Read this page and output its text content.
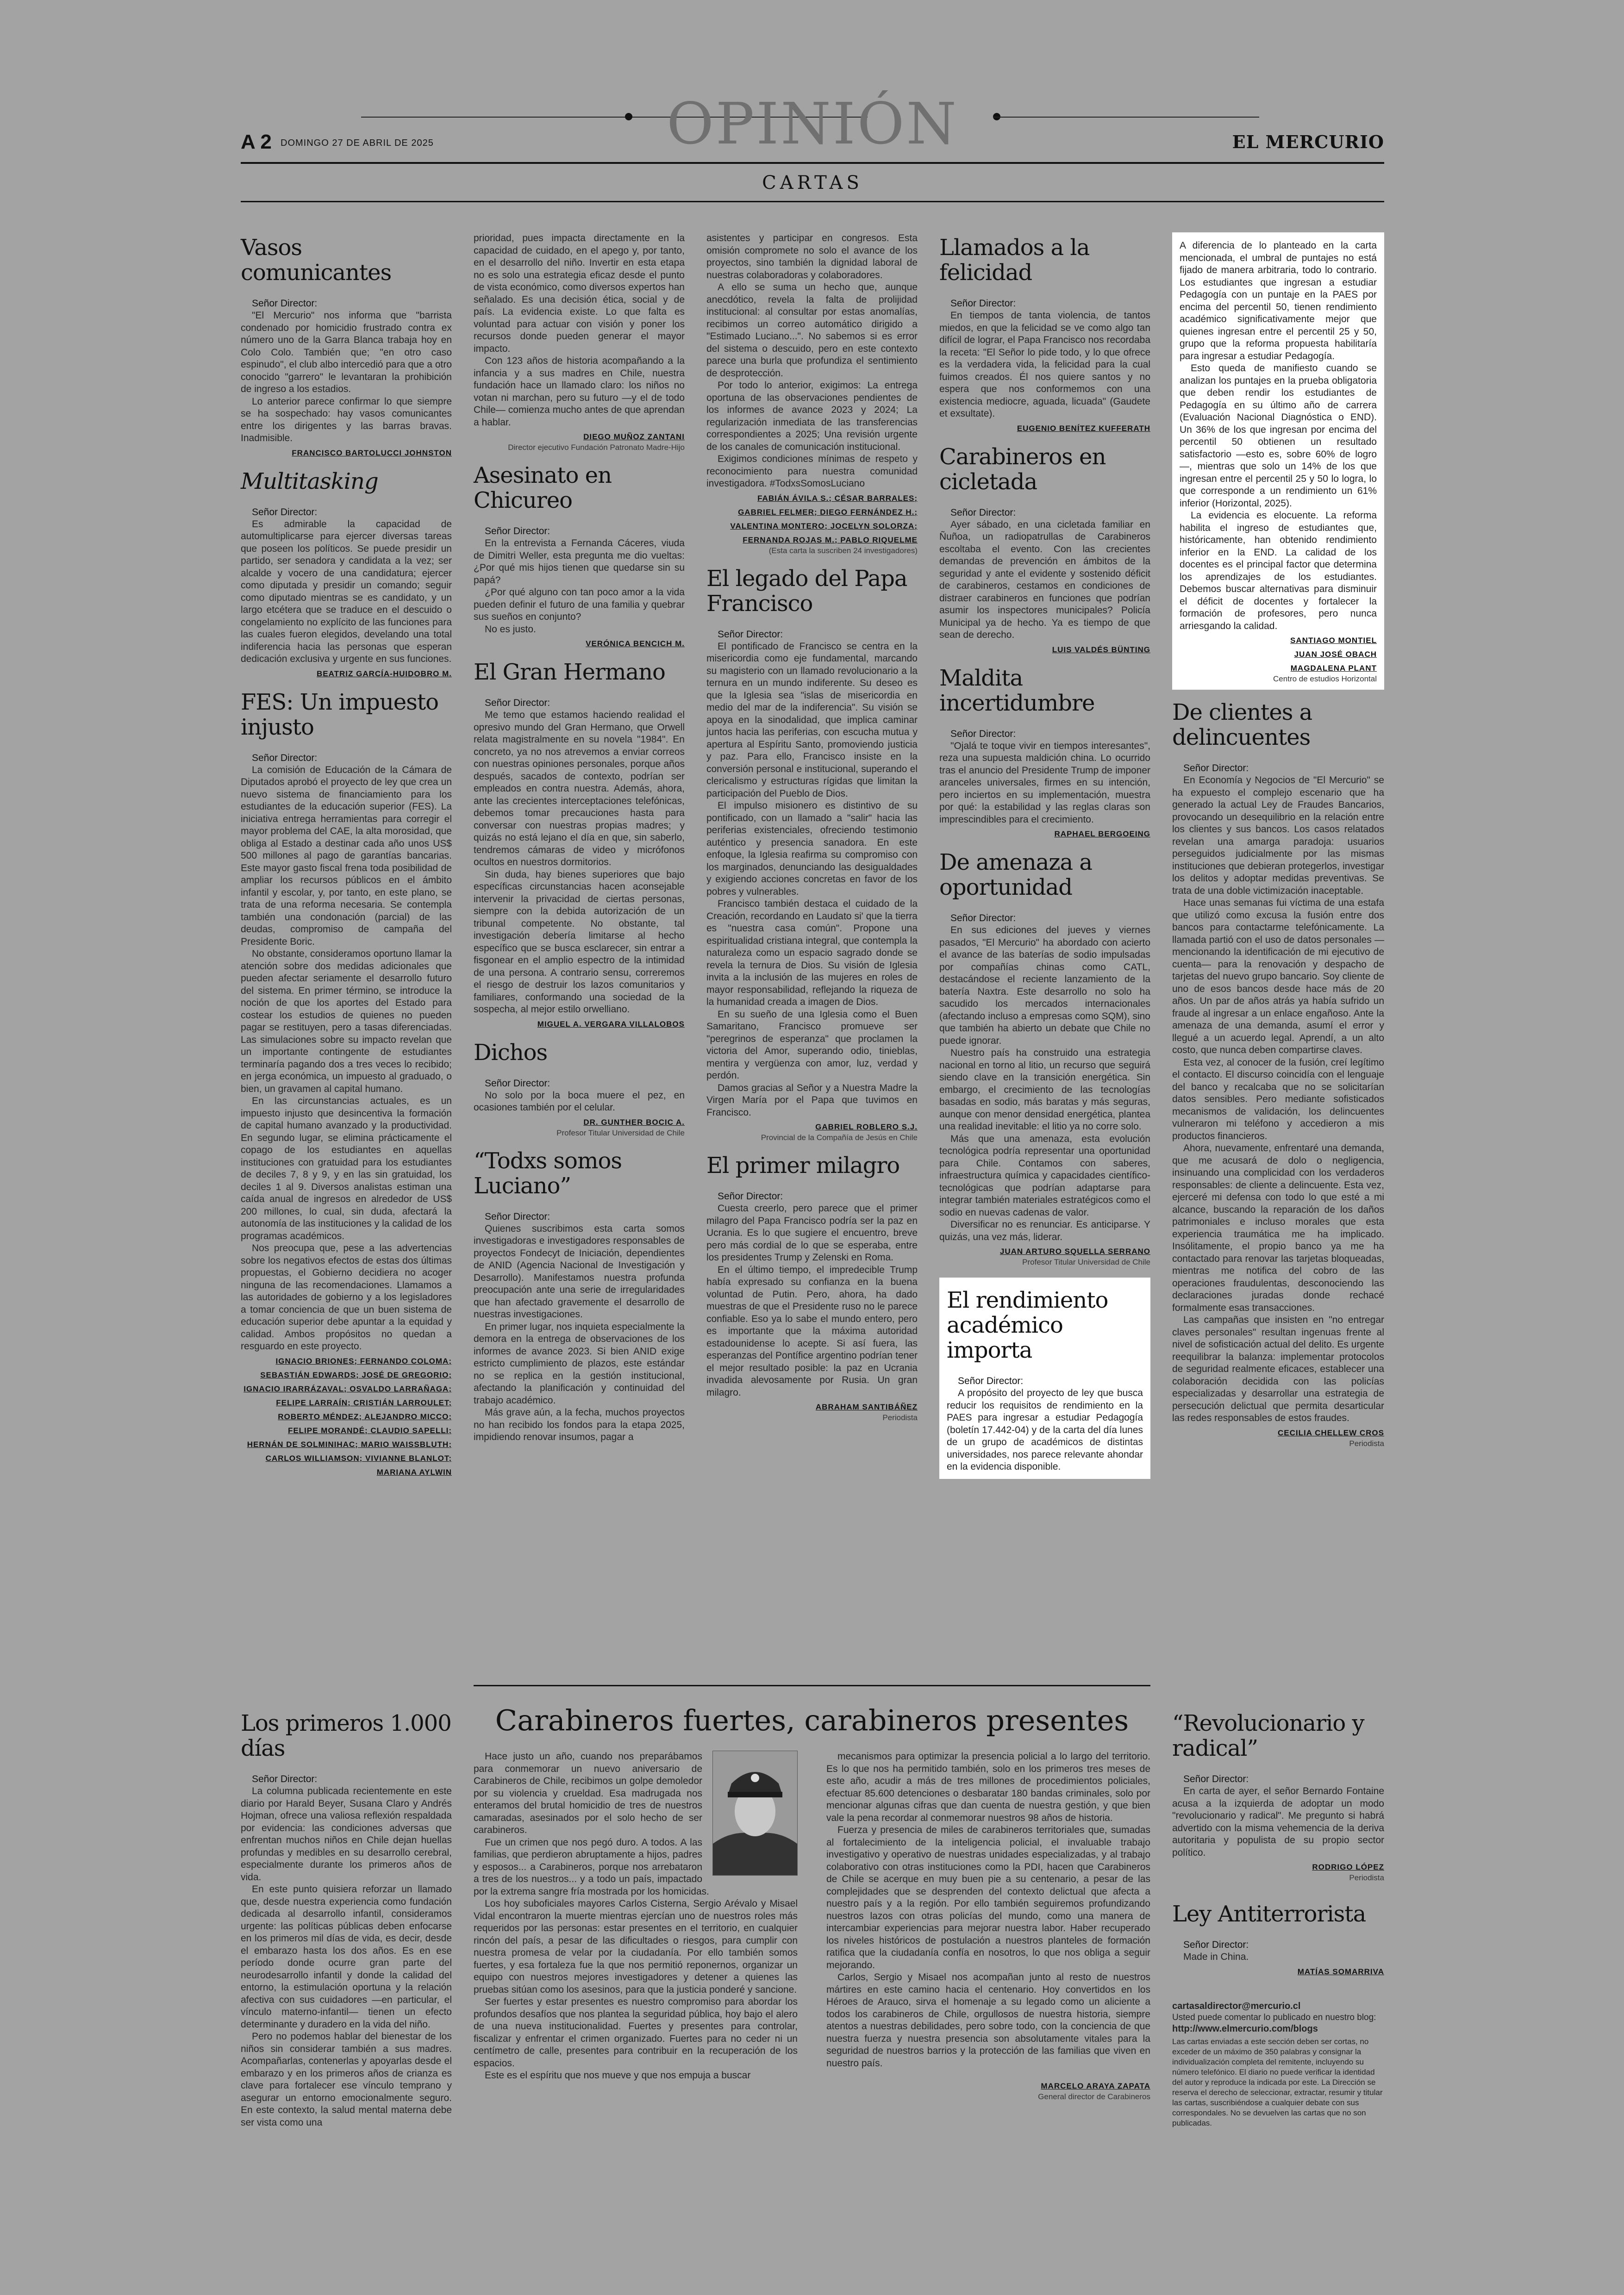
A 2 DOMINGO 27 DE ABRIL DE 2025	OPINIÓN	EL MERCURIO
CARTAS
Vasos comunicantes
Señor Director:

"El Mercurio" nos informa que "barrista condenado por homicidio frustrado contra ex número uno de la Garra Blanca trabaja hoy en Colo Colo. También que; "en otro caso espinudo", el club albo intercedió para que a otro conocido "garrero" le levantaran la prohibición de ingreso a los estadios.

Lo anterior parece confirmar lo que siempre se ha sospechado: hay vasos comunicantes entre los dirigentes y las barras bravas. Inadmisible.

FRANCISCO BARTOLUCCI JOHNSTON
Multitasking
Señor Director:

Es admirable la capacidad de automultiplicarse para ejercer diversas tareas que poseen los políticos. Se puede presidir un partido, ser senadora y candidata a la vez; ser alcalde y vocero de una candidatura; ejercer como diputada y presidir un comando; seguir como diputado mientras se es candidato, y un largo etcétera que se traduce en el descuido o congelamiento no explícito de las funciones para las cuales fueron elegidos, develando una total indiferencia hacia las personas que esperan dedicación exclusiva y urgente en sus funciones.

BEATRIZ GARCÍA-HUIDOBRO M.
FES: Un impuesto injusto
Señor Director:

La comisión de Educación de la Cámara de Diputados aprobó el proyecto de ley que crea un nuevo sistema de financiamiento para los estudiantes de la educación superior (FES). La iniciativa entrega herramientas para corregir el mayor problema del CAE, la alta morosidad, que obliga al Estado a destinar cada año unos US$ 500 millones al pago de garantías bancarias. Este mayor gasto fiscal frena toda posibilidad de ampliar los recursos públicos en el ámbito infantil y escolar, y, por tanto, en este plano, se trata de una reforma necesaria. Se contempla también una condonación (parcial) de las deudas, compromiso de campaña del Presidente Boric.

No obstante, consideramos oportuno llamar la atención sobre dos medidas adicionales que pueden afectar seriamente el desarrollo futuro del sistema. En primer término, se introduce la noción de que los aportes del Estado para costear los estudios de quienes no pueden pagar se restituyen, pero a tasas diferenciadas. Las simulaciones sobre su impacto revelan que un importante contingente de estudiantes terminaría pagando dos a tres veces lo recibido; en jerga económica, un impuesto al graduado, o bien, un gravamen al capital humano.

En las circunstancias actuales, es un impuesto injusto que desincentiva la formación de capital humano avanzado y la productividad. En segundo lugar, se elimina prácticamente el copago de los estudiantes en aquellas instituciones con gratuidad para los estudiantes de deciles 7, 8 y 9, y en las sin gratuidad, los deciles 1 al 9. Diversos analistas estiman una caída anual de ingresos en alrededor de US$ 200 millones, lo cual, sin duda, afectará la autonomía de las instituciones y la calidad de los programas académicos.

Nos preocupa que, pese a las advertencias sobre los negativos efectos de estas dos últimas propuestas, el Gobierno decidiera no acoger ninguna de las recomendaciones. Llamamos a las autoridades de gobierno y a los legisladores a tomar conciencia de que un buen sistema de educación superior debe apuntar a la equidad y calidad. Ambos propósitos no quedan a resguardo en este proyecto.

IGNACIO BRIONES; FERNANDO COLOMA;
SEBASTIÁN EDWARDS; JOSÉ DE GREGORIO;
IGNACIO IRARRÁZAVAL; OSVALDO LARRAÑAGA;
FELIPE LARRAÍN; CRISTIÁN LARROULET;
ROBERTO MÉNDEZ; ALEJANDRO MICCO;
FELIPE MORANDÉ; CLAUDIO SAPELLI;
HERNÁN DE SOLMINIHAC; MARIO WAISSBLUTH;
CARLOS WILLIAMSON; VIVIANNE BLANLOT;
MARIANA AYLWIN

prioridad, pues impacta directamente en la capacidad de cuidado, en el apego y, por tanto, en el desarrollo del niño. Invertir en esta etapa no es solo una estrategia eficaz desde el punto de vista económico, como diversos expertos han señalado. Es una decisión ética, social y de país. La evidencia existe. Lo que falta es voluntad para actuar con visión y poner los recursos donde pueden generar el mayor impacto.

Con 123 años de historia acompañando a la infancia y a sus madres en Chile, nuestra fundación hace un llamado claro: los niños no votan ni marchan, pero su futuro —y el de todo Chile— comienza mucho antes de que aprendan a hablar.

DIEGO MUÑOZ ZANTANI
Director ejecutivo Fundación Patronato Madre-Hijo
Asesinato en Chicureo
Señor Director:

En la entrevista a Fernanda Cáceres, viuda de Dimitri Weller, esta pregunta me dio vueltas: ¿Por qué mis hijos tienen que quedarse sin su papá?

¿Por qué alguno con tan poco amor a la vida pueden definir el futuro de una familia y quebrar sus sueños en conjunto?

No es justo.

VERÓNICA BENCICH M.
El Gran Hermano
Señor Director:

Me temo que estamos haciendo realidad el opresivo mundo del Gran Hermano, que Orwell relata magistralmente en su novela "1984". En concreto, ya no nos atrevemos a enviar correos con nuestras opiniones personales, porque años después, sacados de contexto, podrían ser empleados en contra nuestra. Además, ahora, ante las crecientes interceptaciones telefónicas, debemos tomar precauciones hasta para conversar con nuestras propias madres; y quizás no está lejano el día en que, sin saberlo, tendremos cámaras de video y micrófonos ocultos en nuestros dormitorios.

Sin duda, hay bienes superiores que bajo específicas circunstancias hacen aconsejable intervenir la privacidad de ciertas personas, siempre con la debida autorización de un tribunal competente. No obstante, tal investigación debería limitarse al hecho específico que se busca esclarecer, sin entrar a fisgonear en el amplio espectro de la intimidad de una persona. A contrario sensu, correremos el riesgo de destruir los lazos comunitarios y familiares, conformando una sociedad de la sospecha, al mejor estilo orwelliano.

MIGUEL A. VERGARA VILLALOBOS
Dichos
Señor Director:

No solo por la boca muere el pez, en ocasiones también por el celular.

DR. GUNTHER BOCIC A.
Profesor Titular Universidad de Chile
“Todxs somos Luciano”
Señor Director:

Quienes suscribimos esta carta somos investigadoras e investigadores responsables de proyectos Fondecyt de Iniciación, dependientes de ANID (Agencia Nacional de Investigación y Desarrollo). Manifestamos nuestra profunda preocupación ante una serie de irregularidades que han afectado gravemente el desarrollo de nuestras investigaciones.

En primer lugar, nos inquieta especialmente la demora en la entrega de observaciones de los informes de avance 2023. Si bien ANID exige estricto cumplimiento de plazos, este estándar no se replica en la gestión institucional, afectando la planificación y continuidad del trabajo académico.

Más grave aún, a la fecha, muchos proyectos no han recibido los fondos para la etapa 2025, impidiendo renovar insumos, pagar a

asistentes y participar en congresos. Esta omisión compromete no solo el avance de los proyectos, sino también la dignidad laboral de nuestras colaboradoras y colaboradores.

A ello se suma un hecho que, aunque anecdótico, revela la falta de prolijidad institucional: al consultar por estas anomalías, recibimos un correo automático dirigido a "Estimado Luciano...". No sabemos si es error del sistema o descuido, pero en este contexto parece una burla que profundiza el sentimiento de desprotección.

Por todo lo anterior, exigimos: La entrega oportuna de las observaciones pendientes de los informes de avance 2023 y 2024; La regularización inmediata de las transferencias correspondientes a 2025; Una revisión urgente de los canales de comunicación institucional.

Exigimos condiciones mínimas de respeto y reconocimiento para nuestra comunidad investigadora. #TodxsSomosLuciano

FABIÁN ÁVILA S.; CÉSAR BARRALES;
GABRIEL FELMER; DIEGO FERNÁNDEZ H.;
VALENTINA MONTERO; JOCELYN SOLORZA;
FERNANDA ROJAS M.; PABLO RIQUELME
(Esta carta la suscriben 24 investigadores)
El legado del Papa Francisco
Señor Director:

El pontificado de Francisco se centra en la misericordia como eje fundamental, marcando su magisterio con un llamado revolucionario a la ternura en un mundo indiferente. Su deseo es que la Iglesia sea "islas de misericordia en medio del mar de la indiferencia". Su visión se apoya en la sinodalidad, que implica caminar juntos hacia las periferias, con escucha mutua y apertura al Espíritu Santo, promoviendo justicia y paz. Para ello, Francisco insiste en la conversión personal e institucional, superando el clericalismo y estructuras rígidas que limitan la participación del Pueblo de Dios.

El impulso misionero es distintivo de su pontificado, con un llamado a "salir" hacia las periferias existenciales, ofreciendo testimonio auténtico y presencia sanadora. En este enfoque, la Iglesia reafirma su compromiso con los marginados, denunciando las desigualdades y exigiendo acciones concretas en favor de los pobres y vulnerables.

Francisco también destaca el cuidado de la Creación, recordando en Laudato si' que la tierra es "nuestra casa común". Propone una espiritualidad cristiana integral, que contempla la naturaleza como un espacio sagrado donde se revela la ternura de Dios. Su visión de Iglesia invita a la inclusión de las mujeres en roles de mayor responsabilidad, reflejando la riqueza de la humanidad creada a imagen de Dios.

En su sueño de una Iglesia como el Buen Samaritano, Francisco promueve ser "peregrinos de esperanza" que proclamen la victoria del Amor, superando odio, tinieblas, mentira y vergüenza con amor, luz, verdad y perdón.

Damos gracias al Señor y a Nuestra Madre la Virgen María por el Papa que tuvimos en Francisco.

GABRIEL ROBLERO S.J.
Provincial de la Compañía de Jesús en Chile
El primer milagro
Señor Director:

Cuesta creerlo, pero parece que el primer milagro del Papa Francisco podría ser la paz en Ucrania. Es lo que sugiere el encuentro, breve pero más cordial de lo que se esperaba, entre los presidentes Trump y Zelenski en Roma.

En el último tiempo, el impredecible Trump había expresado su confianza en la buena voluntad de Putin. Pero, ahora, ha dado muestras de que el Presidente ruso no le parece confiable. Eso ya lo sabe el mundo entero, pero es importante que la máxima autoridad estadounidense lo acepte. Si así fuera, las esperanzas del Pontífice argentino podrían tener el mejor resultado posible: la paz en Ucrania invadida alevosamente por Rusia. Un gran milagro.

ABRAHAM SANTIBÁÑEZ
Periodista
Llamados a la felicidad
Señor Director:

En tiempos de tanta violencia, de tantos miedos, en que la felicidad se ve como algo tan difícil de lograr, el Papa Francisco nos recordaba la receta: "El Señor lo pide todo, y lo que ofrece es la verdadera vida, la felicidad para la cual fuimos creados. Él nos quiere santos y no espera que nos conformemos con una existencia mediocre, aguada, licuada" (Gaudete et exsultate).

EUGENIO BENÍTEZ KUFFERATH
Carabineros en cicletada
Señor Director:

Ayer sábado, en una cicletada familiar en Ñuñoa, un radiopatrullas de Carabineros escoltaba el evento. Con las crecientes demandas de prevención en ámbitos de la seguridad y ante el evidente y sostenido déficit de carabineros, cestamos en condiciones de distraer carabineros en funciones que podrían asumir los inspectores municipales? Policía Municipal ya de hecho. Ya es tiempo de que sean de derecho.

LUIS VALDÉS BÜNTING
Maldita incertidumbre
Señor Director:

"Ojalá te toque vivir en tiempos interesantes", reza una supuesta maldición china. Lo ocurrido tras el anuncio del Presidente Trump de imponer aranceles universales, firmes en su intención, pero inciertos en su implementación, muestra por qué: la estabilidad y las reglas claras son imprescindibles para el crecimiento.

RAPHAEL BERGOEING
De amenaza a oportunidad
Señor Director:

En sus ediciones del jueves y viernes pasados, "El Mercurio" ha abordado con acierto el avance de las baterías de sodio impulsadas por compañías chinas como CATL, destacándose el reciente lanzamiento de la batería Naxtra. Este desarrollo no solo ha sacudido los mercados internacionales (afectando incluso a empresas como SQM), sino que también ha abierto un debate que Chile no puede ignorar.

Nuestro país ha construido una estrategia nacional en torno al litio, un recurso que seguirá siendo clave en la transición energética. Sin embargo, el crecimiento de las tecnologías basadas en sodio, más baratas y más seguras, aunque con menor densidad energética, plantea una realidad inevitable: el litio ya no corre solo.

Más que una amenaza, esta evolución tecnológica podría representar una oportunidad para Chile. Contamos con saberes, infraestructura química y capacidades científico-tecnológicas que podrían adaptarse para integrar también materiales estratégicos como el sodio en nuevas cadenas de valor.

Diversificar no es renunciar. Es anticiparse. Y quizás, una vez más, liderar.

JUAN ARTURO SQUELLA SERRANO
Profesor Titular Universidad de Chile
El rendimiento académico importa
Señor Director:

A propósito del proyecto de ley que busca reducir los requisitos de rendimiento en la PAES para ingresar a estudiar Pedagogía (boletín 17.442-04) y de la carta del día lunes de un grupo de académicos de distintas universidades, nos parece relevante ahondar en la evidencia disponible.

A diferencia de lo planteado en la carta mencionada, el umbral de puntajes no está fijado de manera arbitraria, todo lo contrario. Los estudiantes que ingresan a estudiar Pedagogía con un puntaje en la PAES por encima del percentil 50, tienen rendimiento académico significativamente mejor que quienes ingresan entre el percentil 25 y 50, grupo que la reforma propuesta habilitaría para ingresar a estudiar Pedagogía.

Esto queda de manifiesto cuando se analizan los puntajes en la prueba obligatoria que deben rendir los estudiantes de Pedagogía en su último año de carrera (Evaluación Nacional Diagnóstica o END). Un 36% de los que ingresan por encima del percentil 50 obtienen un resultado satisfactorio —esto es, sobre 60% de logro—, mientras que solo un 14% de los que ingresan entre el percentil 25 y 50 lo logra, lo que corresponde a un rendimiento un 61% inferior (Horizontal, 2025).

La evidencia es elocuente. La reforma habilita el ingreso de estudiantes que, históricamente, han obtenido rendimiento inferior en la END. La calidad de los docentes es el principal factor que determina los aprendizajes de los estudiantes. Debemos buscar alternativas para disminuir el déficit de docentes y fortalecer la formación de profesores, pero nunca arriesgando la calidad.

SANTIAGO MONTIEL
JUAN JOSÉ OBACH
MAGDALENA PLANT
Centro de estudios Horizontal
De clientes a delincuentes
Señor Director:

En Economía y Negocios de "El Mercurio" se ha expuesto el complejo escenario que ha generado la actual Ley de Fraudes Bancarios, provocando un desequilibrio en la relación entre los clientes y sus bancos. Los casos relatados revelan una amarga paradoja: usuarios perseguidos judicialmente por las mismas instituciones que debieran protegerlos, investigar los delitos y adoptar medidas preventivas. Se trata de una doble victimización inaceptable.

Hace unas semanas fui víctima de una estafa que utilizó como excusa la fusión entre dos bancos para contactarme telefónicamente. La llamada partió con el uso de datos personales —mencionando la identificación de mi ejecutivo de cuenta— para la renovación y despacho de tarjetas del nuevo grupo bancario. Soy cliente de uno de esos bancos desde hace más de 20 años. Un par de años atrás ya había sufrido un fraude al ingresar a un enlace engañoso. Ante la amenaza de una demanda, asumí el error y llegué a un acuerdo legal. Aprendí, a un alto costo, que nunca deben compartirse claves.

Esta vez, al conocer de la fusión, creí legítimo el contacto. El discurso coincidía con el lenguaje del banco y recalcaba que no se solicitarían datos sensibles. Pero mediante sofisticados mecanismos de validación, los delincuentes vulneraron mi teléfono y accedieron a mis productos financieros.

Ahora, nuevamente, enfrentaré una demanda, que me acusará de dolo o negligencia, insinuando una complicidad con los verdaderos responsables: de cliente a delincuente. Esta vez, ejerceré mi defensa con todo lo que esté a mi alcance, buscando la reparación de los daños patrimoniales e incluso morales que esta experiencia traumática me ha implicado. Insólitamente, el propio banco ya me ha contactado para renovar las tarjetas bloqueadas, mientras me notifica del cobro de las operaciones fraudulentas, desconociendo las declaraciones juradas donde rechacé formalmente esas transacciones.

Las campañas que insisten en "no entregar claves personales" resultan ingenuas frente al nivel de sofisticación actual del delito. Es urgente reequilibrar la balanza: implementar protocolos de seguridad realmente eficaces, establecer una colaboración decidida con las policías especializadas y desarrollar una estrategia de persecución delictual que permita desarticular las redes responsables de estos fraudes.

CECILIA CHELLEW CROS
Periodista
Los primeros 1.000 días
Señor Director:

La columna publicada recientemente en este diario por Harald Beyer, Susana Claro y Andrés Hojman, ofrece una valiosa reflexión respaldada por evidencia: las condiciones adversas que enfrentan muchos niños en Chile dejan huellas profundas y medibles en su desarrollo cerebral, especialmente durante los primeros años de vida.

En este punto quisiera reforzar un llamado que, desde nuestra experiencia como fundación dedicada al desarrollo infantil, consideramos urgente: las políticas públicas deben enfocarse en los primeros mil días de vida, es decir, desde el embarazo hasta los dos años. Es en ese período donde ocurre gran parte del neurodesarrollo infantil y donde la calidad del entorno, la estimulación oportuna y la relación afectiva con sus cuidadores —en particular, el vínculo materno-infantil— tienen un efecto determinante y duradero en la vida del niño.

Pero no podemos hablar del bienestar de los niños sin considerar también a sus madres. Acompañarlas, contenerlas y apoyarlas desde el embarazo y en los primeros años de crianza es clave para fortalecer ese vínculo temprano y asegurar un entorno emocionalmente seguro. En este contexto, la salud mental materna debe ser vista como una

Carabineros fuertes, carabineros presentes

Hace justo un año, cuando nos preparábamos para conmemorar un nuevo aniversario de Carabineros de Chile, recibimos un golpe demoledor por su violencia y crueldad. Esa madrugada nos enteramos del brutal homicidio de tres de nuestros camaradas, asesinados por el solo hecho de ser carabineros.

Fue un crimen que nos pegó duro. A todos. A las familias, que perdieron abruptamente a hijos, padres y esposos... a Carabineros, porque nos arrebataron a tres de los nuestros... y a todo un país, impactado por la extrema sangre fría mostrada por los homicidas.

Los hoy suboficiales mayores Carlos Cisterna, Sergio Arévalo y Misael Vidal encontraron la muerte mientras ejercían uno de nuestros roles más requeridos por las personas: estar presentes en el territorio, en cualquier rincón del país, a pesar de las dificultades o riesgos, para cumplir con nuestra promesa de velar por la ciudadanía. Por ello también somos fuertes, y esa fortaleza fue la que nos permitió reponernos, organizar un equipo con nuestros mejores investigadores y detener a quienes las pruebas sitúan como los asesinos, para que la justicia ponderé y sancione.

Ser fuertes y estar presentes es nuestro compromiso para abordar los profundos desafíos que nos plantea la seguridad pública, hoy bajo el alero de una nueva institucionalidad. Fuertes y presentes para controlar, fiscalizar y enfrentar el crimen organizado. Fuertes para no ceder ni un centímetro de calle, presentes para contribuir en la recuperación de los espacios.

Este es el espíritu que nos mueve y que nos empuja a buscar

mecanismos para optimizar la presencia policial a lo largo del territorio. Es lo que nos ha permitido también, solo en los primeros tres meses de este año, acudir a más de tres millones de procedimientos policiales, efectuar 85.600 detenciones o desbaratar 180 bandas criminales, solo por mencionar algunas cifras que dan cuenta de nuestra gestión, y que bien vale la pena recordar al conmemorar nuestros 98 años de historia.

Fuerza y presencia de miles de carabineros territoriales que, sumadas al fortalecimiento de la inteligencia policial, el invaluable trabajo investigativo y operativo de nuestras unidades especializadas, y al trabajo colaborativo con otras instituciones como la PDI, hacen que Carabineros de Chile se acerque en muy buen pie a su centenario, a pesar de las complejidades que se desprenden del contexto delictual que afecta a nuestro país y a la región. Por ello también seguiremos profundizando nuestros lazos con otras policías del mundo, como una manera de intercambiar experiencias para mejorar nuestra labor. Haber recuperado los niveles históricos de postulación a nuestros planteles de formación ratifica que la ciudadanía confía en nosotros, lo que nos obliga a seguir mejorando.

Carlos, Sergio y Misael nos acompañan junto al resto de nuestros mártires en este camino hacia el centenario. Hoy convertidos en los Héroes de Arauco, sirva el homenaje a su legado como un aliciente a todos los carabineros de Chile, orgullosos de nuestra historia, siempre atentos a nuestras debilidades, pero sobre todo, con la conciencia de que nuestra fuerza y nuestra presencia son absolutamente vitales para la seguridad de nuestros barrios y la protección de las familias que viven en nuestro país.

MARCELO ARAYA ZAPATA
General director de Carabineros
“Revolucionario y radical”
Señor Director:

En carta de ayer, el señor Bernardo Fontaine acusa a la izquierda de adoptar un modo "revolucionario y radical". Me pregunto si habrá advertido con la misma vehemencia de la deriva autoritaria y populista de su propio sector político.

RODRIGO LÓPEZ
Periodista
Ley Antiterrorista
Señor Director:

Made in China.

MATÍAS SOMARRIVA
cartasaldirector@mercurio.cl
Usted puede comentar lo publicado en nuestro blog:
http://www.elmercurio.com/blogs
Las cartas enviadas a este sección deben ser cortas, no exceder de un máximo de 350 palabras y consignar la individualización completa del remitente, incluyendo su número telefónico. El diario no puede verificar la identidad del autor y reproduce la indicada por este. La Dirección se reserva el derecho de seleccionar, extractar, resumir y titular las cartas, suscribiéndose a cualquier debate con sus correspondales. No se devuelven las cartas que no son publicadas.
